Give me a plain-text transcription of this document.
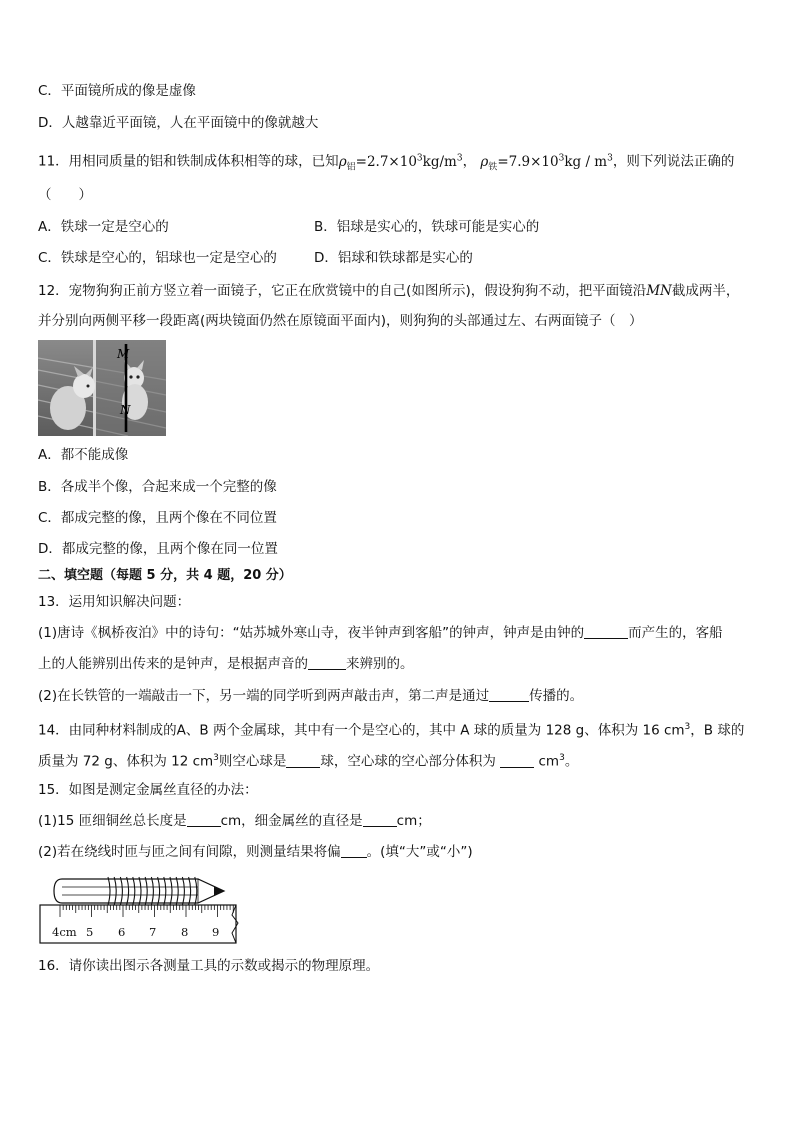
C．平面镜所成的像是虚像
D．人越靠近平面镜，人在平面镜中的像就越大
11．用相同质量的铝和铁制成体积相等的球，已知$\rho_铝=2.7\times 10^3kg/m^3$， $\rho_铁=7.9\times 10^3kg / m^3$，则下列说法正确的
（　　）
A．铁球一定是空心的	B．铝球是实心的，铁球可能是实心的
C．铁球是空心的，铝球也一定是空心的	D．铝球和铁球都是实心的
12．宠物狗狗正前方竖立着一面镜子，它正在欣赏镜中的自己(如图所示)，假设狗狗不动，把平面镜沿MN截成两半，
并分别向两侧平移一段距离(两块镜面仍然在原镜面平面内)，则狗狗的头部通过左、右两面镜子（　）
M
N
A．都不能成像
B．各成半个像，合起来成一个完整的像
C．都成完整的像，且两个像在不同位置
D．都成完整的像，且两个像在同一位置
二、填空题（每题 5 分，共 4 题，20 分）
13．运用知识解决问题：
(1)唐诗《枫桥夜泊》中的诗句：“姑苏城外寒山寺，夜半钟声到客船”的钟声，钟声是由钟的	而产生的，客船
上的人能辨别出传来的是钟声，是根据声音的	来辨别的。
(2)在长铁管的一端敲击一下，另一端的同学听到两声敲击声，第二声是通过	传播的。
14．由同种材料制成的A、B 两个金属球，其中有一个是空心的，其中 A 球的质量为 128 g、体积为 16 $cm^3$，B 球的
质量为 72 g、体积为 12 $cm^3$则空心球是	球，空心球的空心部分体积为	$cm^3$。
15．如图是测定金属丝直径的办法：
(1)15 匝细铜丝总长度是	cm，细金属丝的直径是	cm；
(2)若在绕线时匝与匝之间有间隙，则测量结果将偏 。(填“大”或“小”)
4cm 5 6 7 8 9
16．请你读出图示各测量工具的示数或揭示的物理原理。
